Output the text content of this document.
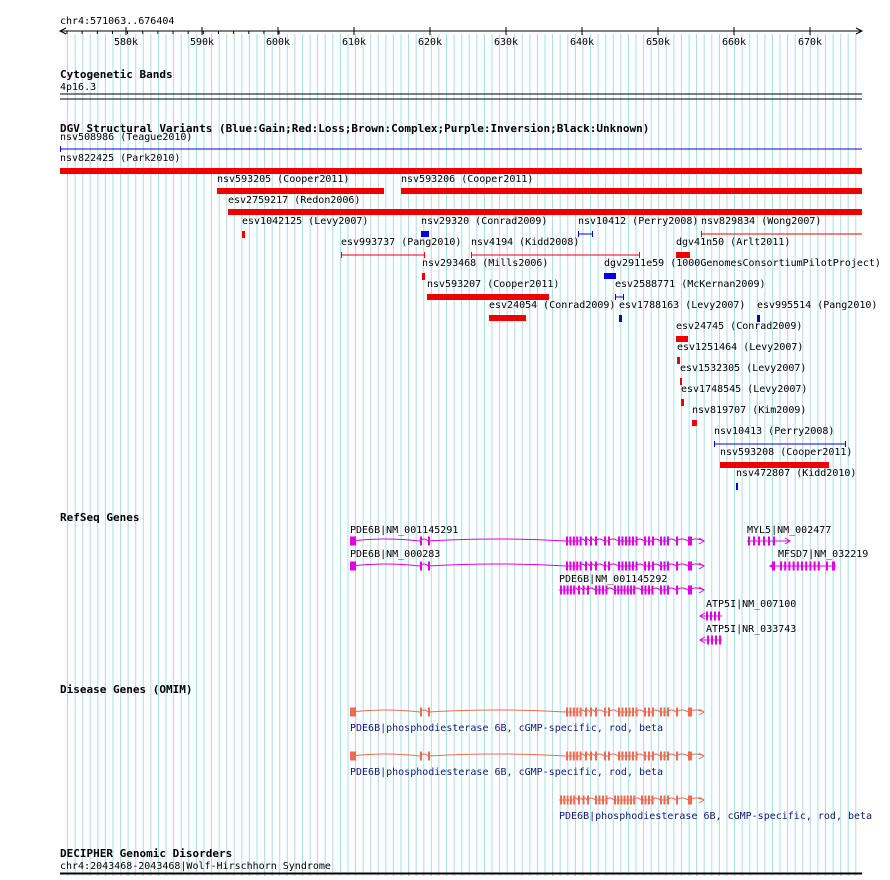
chr4:571063..676404
580k	590k	600k	610k	620k	630k	640k	650k	660k	670k
Cytogenetic Bands
4p16.3
DGV Structural Variants (Blue:Gain;Red:Loss;Brown:Complex;Purple:Inversion;Black:Unknown)
nsv508986 (Teague2010)
nsv822425 (Park2010)
nsv593205 (Cooper2011)	nsv593206 (Cooper2011)
esv2759217 (Redon2006)
esv1042125 (Levy2007)	nsv29320 (Conrad2009)	nsv10412 (Perry2008) nsv829834 (Wong2007)
esv993737 (Pang2010) nsv4194 (Kidd2008)	dgv41n50 (Arlt2011)
nsv293468 (Mills2006)	dgv2911e59 (1000GenomesConsortiumPilotProject)
esv2588771 (McKernan2009)
nsv593207 (Cooper2011)
esv24054 (Conrad2009) esv1788163 (Levy2007) esv995514 (Pang2010)
esv24745 (Conrad2009)
esv1251464 (Levy2007)
esv1532305 (Levy2007)
esv1748545 (Levy2007)
nsv819707 (Kim2009)
nsv10413 (Perry2008)
nsv593208 (Cooper2011)
nsv472807 (Kidd2010)
RefSeq Genes
PDE6B|NM_001145291	MYL5|NM_002477
PDE6B|NM_000283	MFSD7|NM_032219
PDE6B|NM_001145292
ATP5I|NM_007100
ATP5I|NR_033743
Disease Genes (OMIM)
PDE6B|phosphodiesterase 6B, cGMP-specific, rod, beta
PDE6B|phosphodiesterase 6B, cGMP-specific, rod, beta
PDE6B|phosphodiesterase 6B, cGMP-specific, rod, beta
DECIPHER Genomic Disorders
chr4:2043468-2043468|Wolf-Hirschhorn Syndrome
